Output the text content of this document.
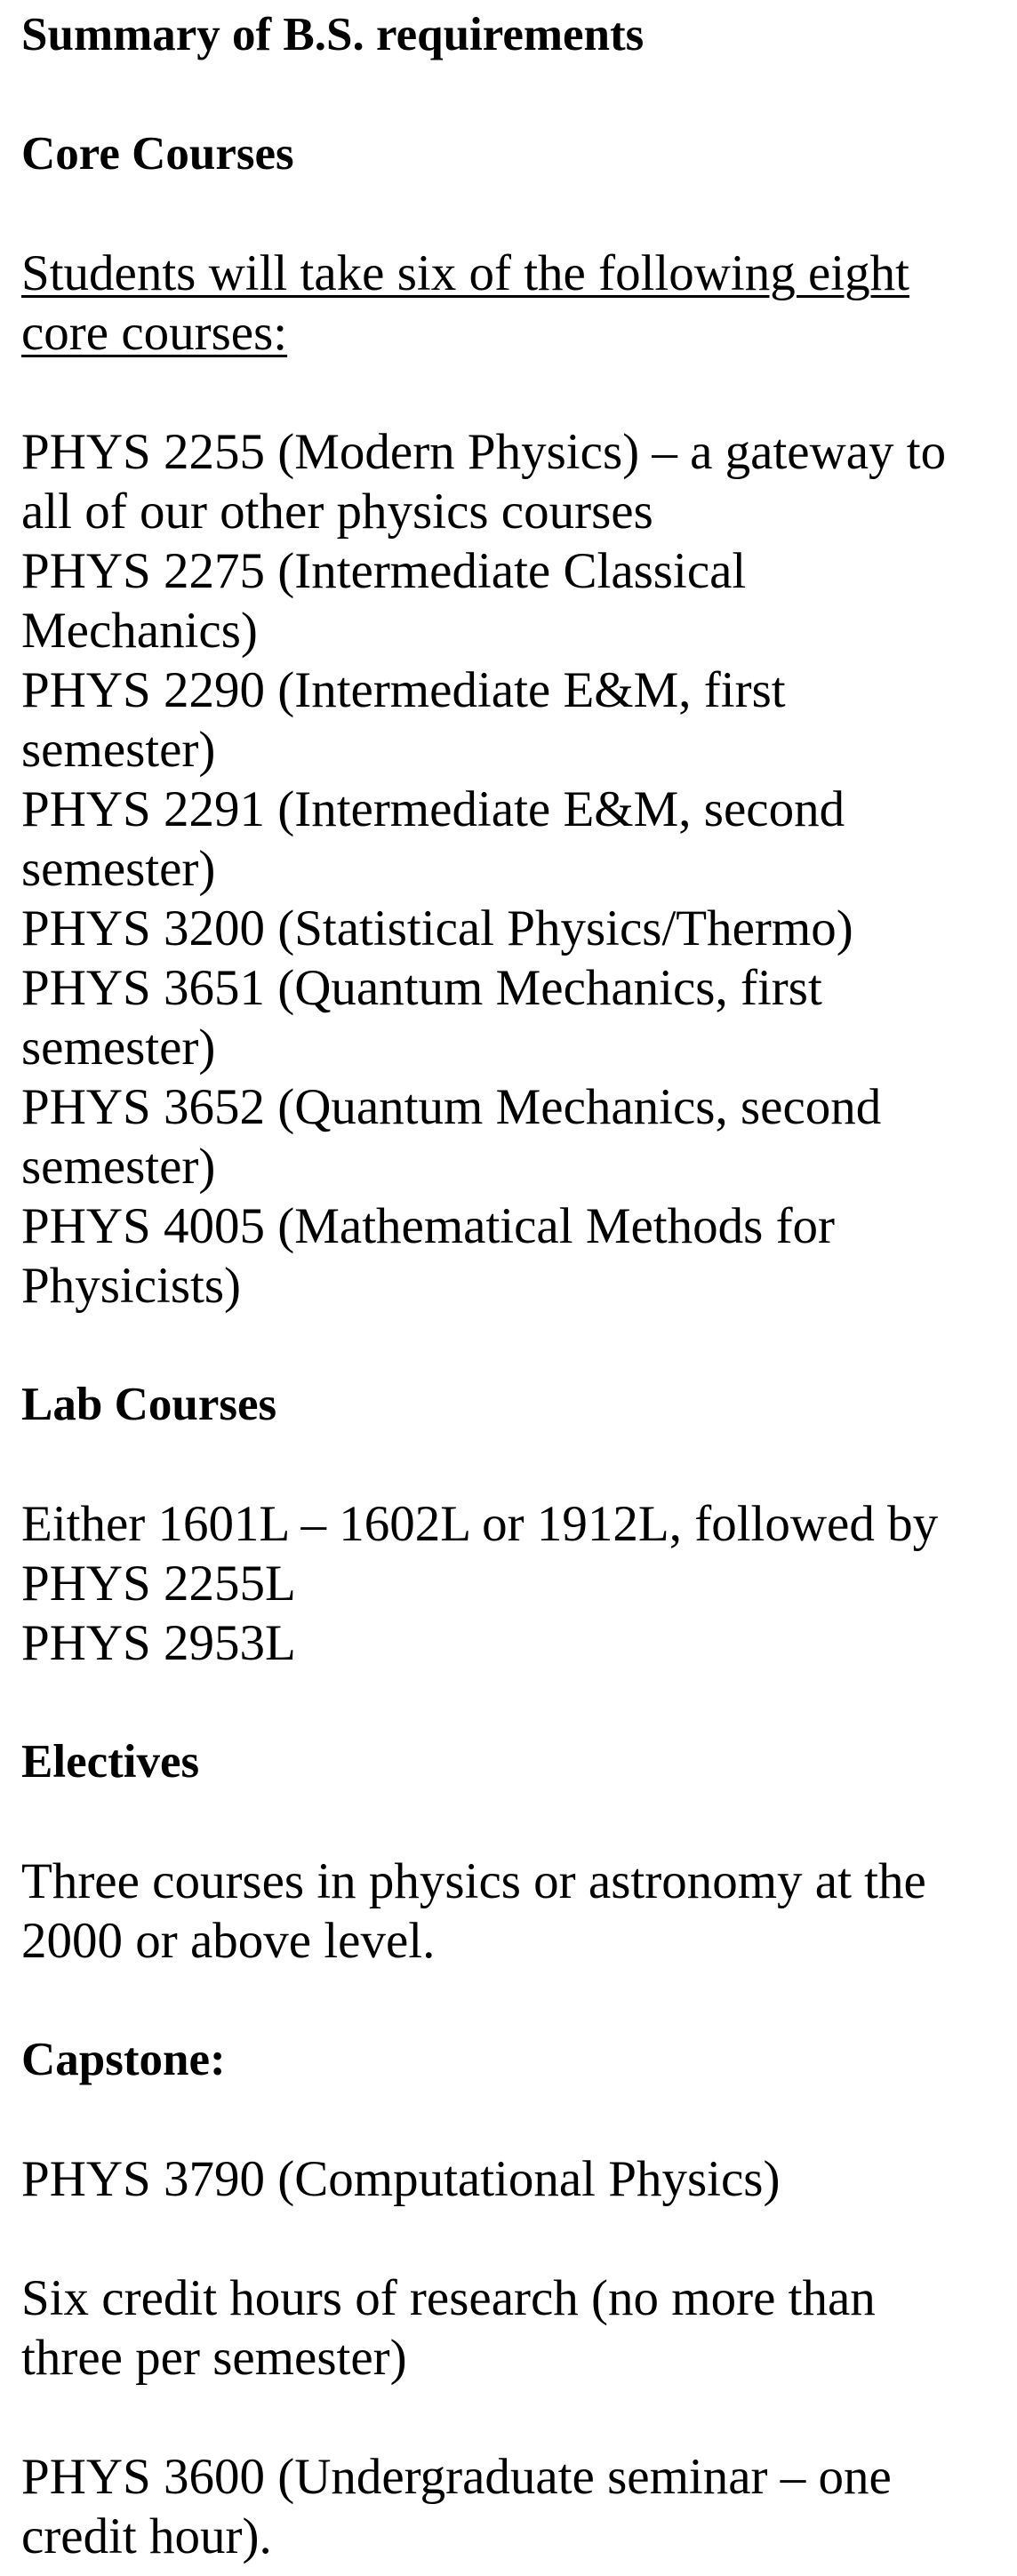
Summary of B.S. requirements
Core Courses
Students will take six of the following eight core courses:
PHYS 2255 (Modern Physics) – a gateway to all of our other physics courses
PHYS 2275 (Intermediate Classical Mechanics)
PHYS 2290 (Intermediate E&M, first semester)
PHYS 2291 (Intermediate E&M, second semester)
PHYS 3200 (Statistical Physics/Thermo)
PHYS 3651 (Quantum Mechanics, first semester)
PHYS 3652 (Quantum Mechanics, second semester)
PHYS 4005 (Mathematical Methods for Physicists)
Lab Courses
Either 1601L – 1602L or 1912L, followed by PHYS 2255L
PHYS 2953L
Electives
Three courses in physics or astronomy at the 2000 or above level.
Capstone:
PHYS 3790 (Computational Physics)
Six credit hours of research (no more than three per semester)
PHYS 3600 (Undergraduate seminar – one credit hour).
